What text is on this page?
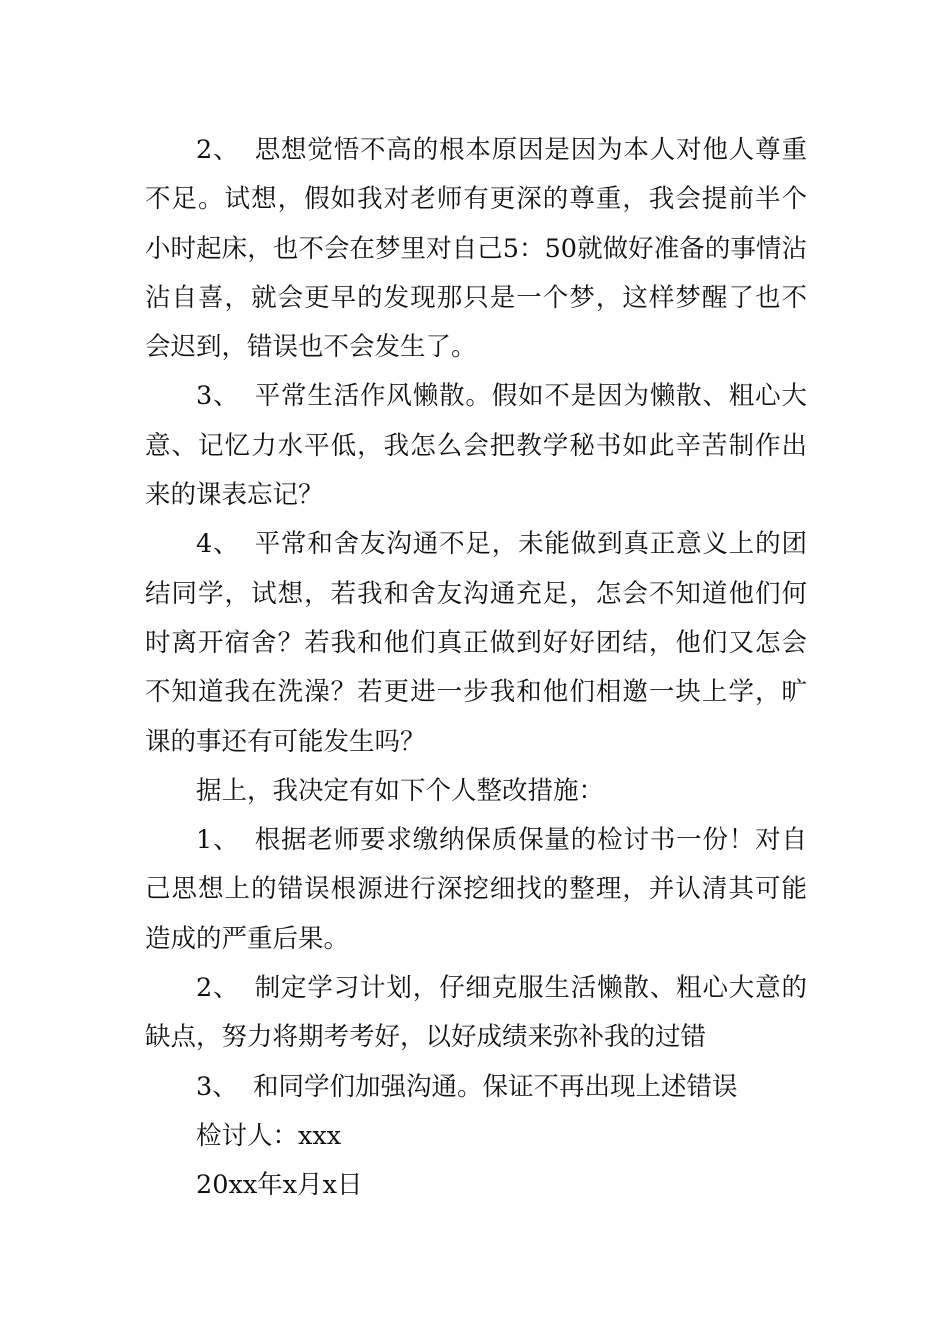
2、 思想觉悟不高的根本原因是因为本人对他人尊重不足。试想，假如我对老师有更深的尊重，我会提前半个小时起床，也不会在梦里对自己5：50就做好准备的事情沾沾自喜，就会更早的发现那只是一个梦，这样梦醒了也不会迟到，错误也不会发生了。

3、 平常生活作风懒散。假如不是因为懒散、粗心大意、记忆力水平低，我怎么会把教学秘书如此辛苦制作出来的课表忘记？

4、 平常和舍友沟通不足，未能做到真正意义上的团结同学，试想，若我和舍友沟通充足，怎会不知道他们何时离开宿舍？若我和他们真正做到好好团结，他们又怎会不知道我在洗澡？若更进一步我和他们相邀一块上学，旷课的事还有可能发生吗？

据上，我决定有如下个人整改措施：

1、 根据老师要求缴纳保质保量的检讨书一份！对自己思想上的错误根源进行深挖细找的整理，并认清其可能造成的严重后果。

2、 制定学习计划，仔细克服生活懒散、粗心大意的缺点，努力将期考考好，以好成绩来弥补我的过错

3、 和同学们加强沟通。保证不再出现上述错误

检讨人：xxx

20xx年x月x日
